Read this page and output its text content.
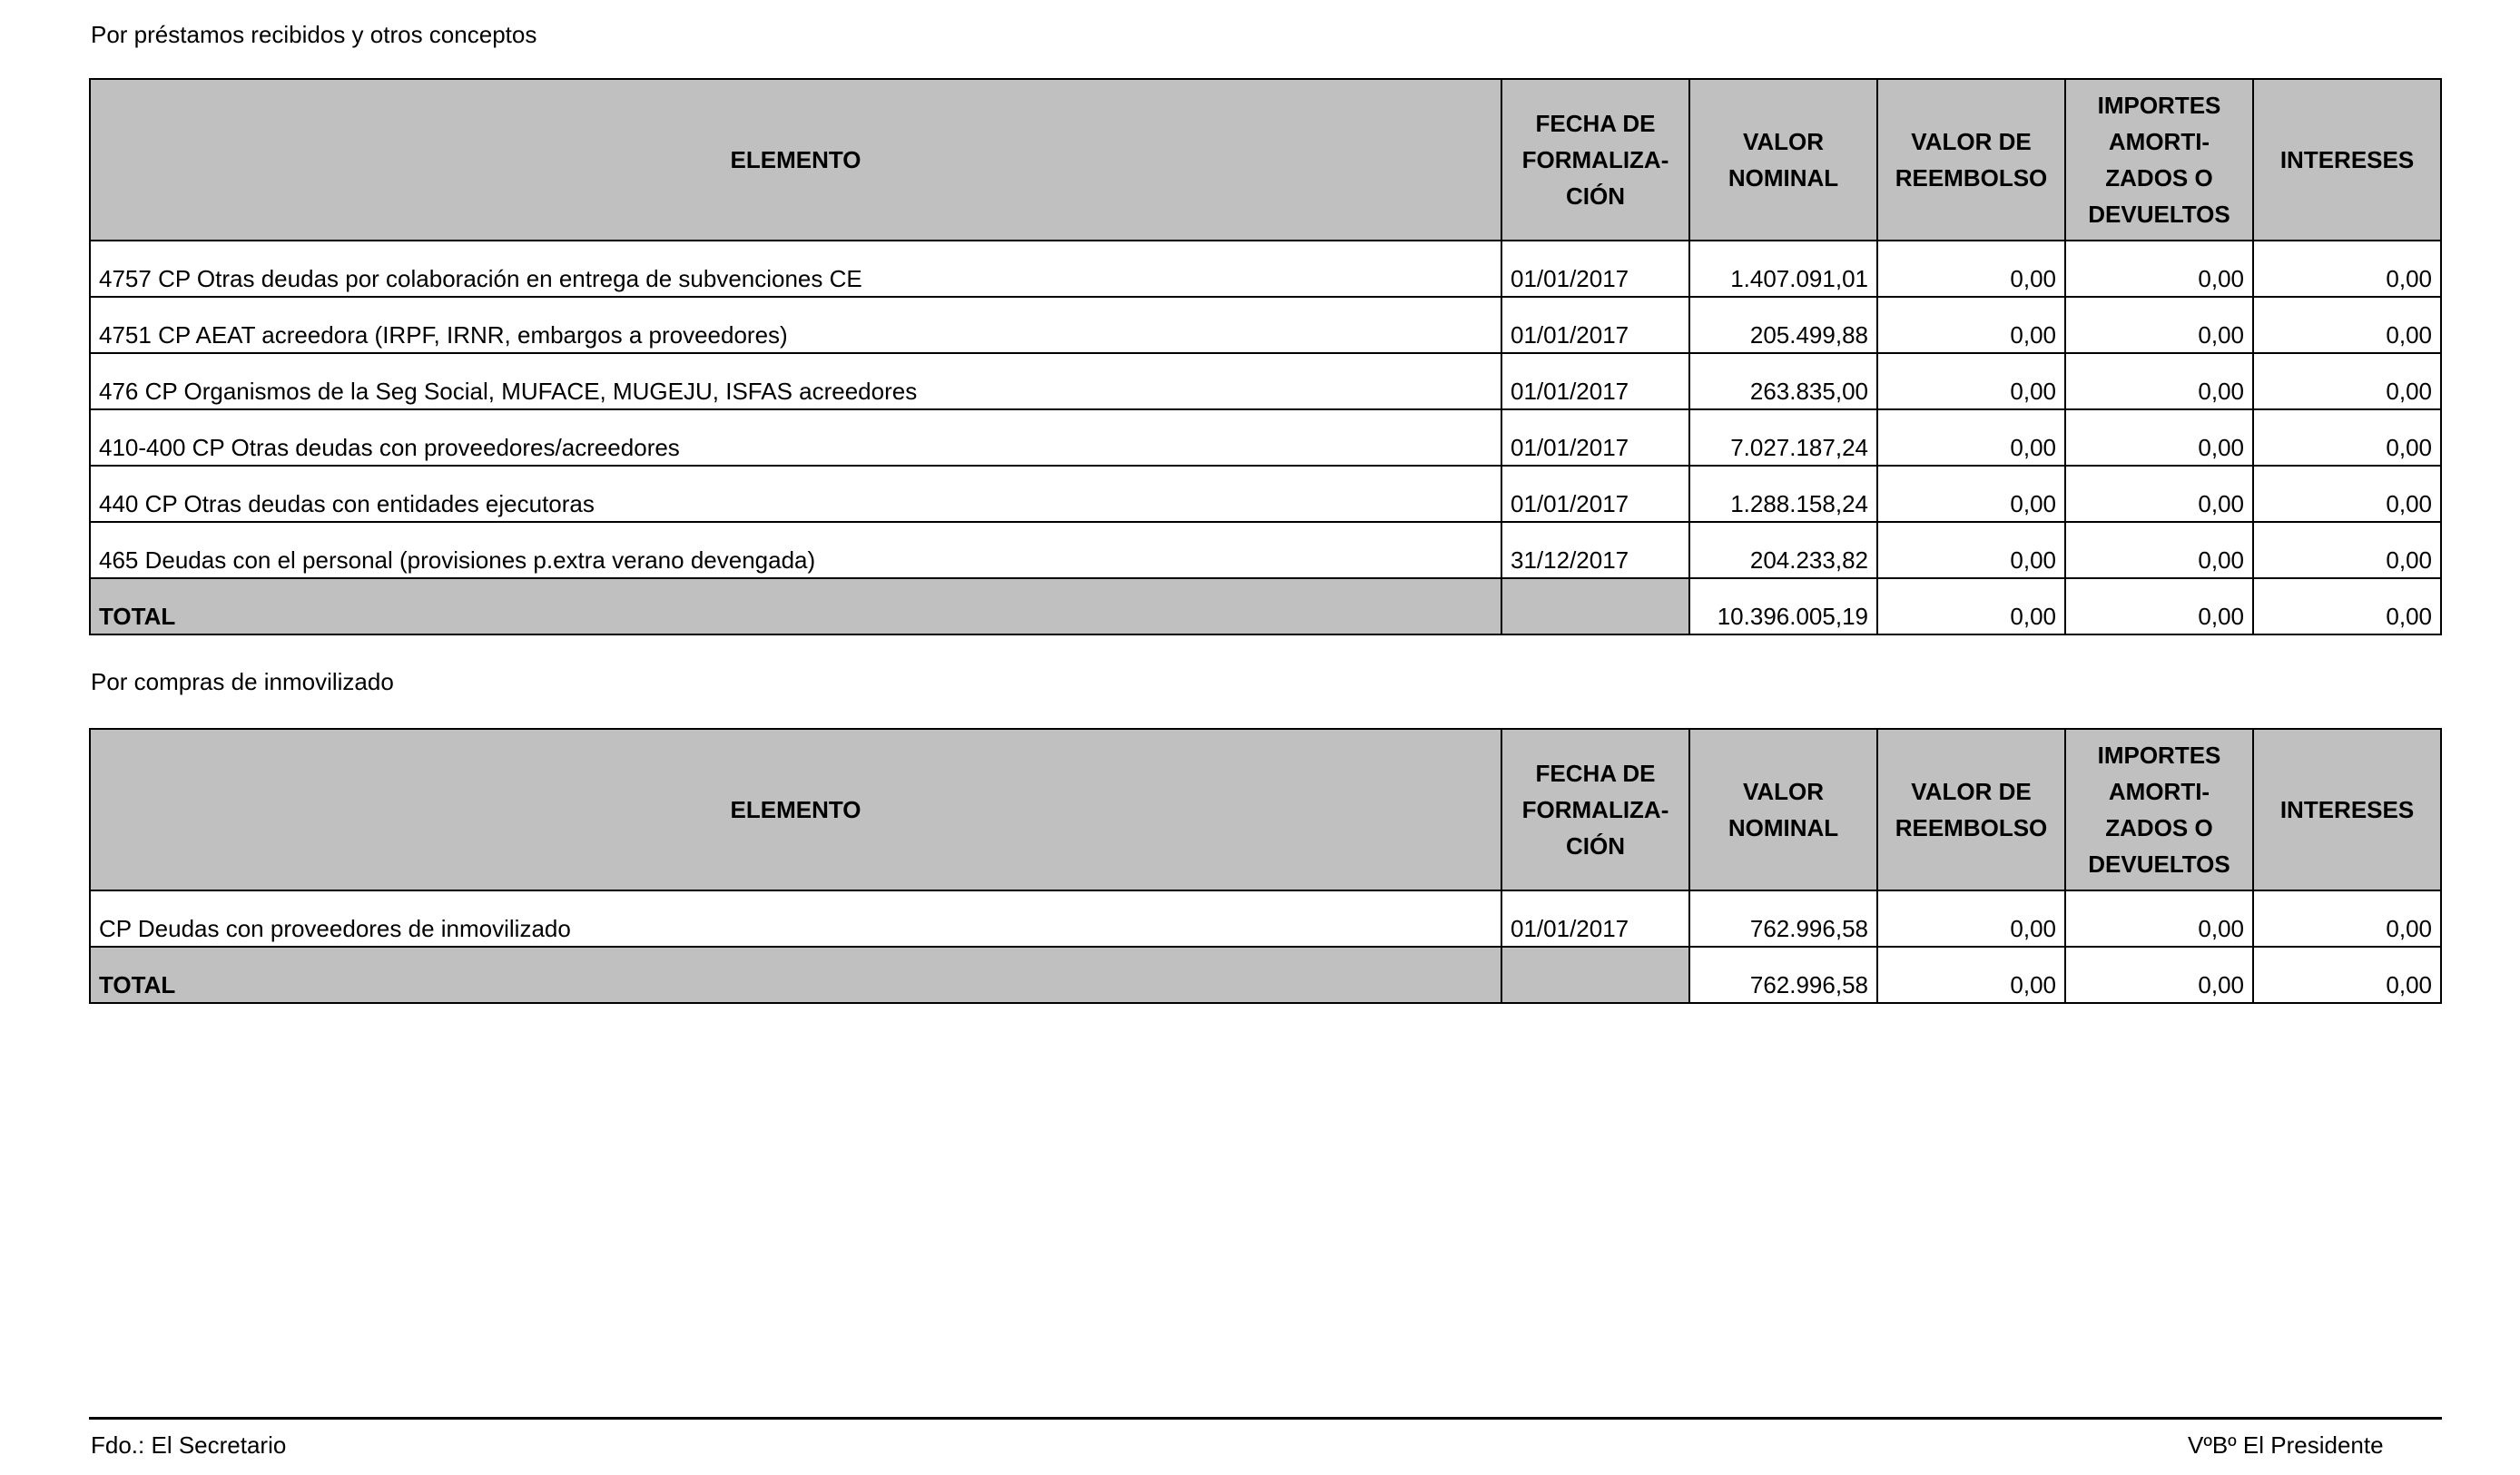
Por préstamos recibidos y otros conceptos
ELEMENTO	FECHA DE FORMALIZA-CIÓN	VALOR NOMINAL	VALOR DE REEMBOLSO	IMPORTES AMORTI-ZADOS O DEVUELTOS	INTERESES
4757 CP Otras deudas por colaboración en entrega de subvenciones CE	01/01/2017	1.407.091,01	0,00	0,00	0,00
4751 CP AEAT acreedora (IRPF, IRNR, embargos a proveedores)	01/01/2017	205.499,88	0,00	0,00	0,00
476 CP Organismos de la Seg Social, MUFACE, MUGEJU, ISFAS acreedores	01/01/2017	263.835,00	0,00	0,00	0,00
410-400 CP Otras deudas con proveedores/acreedores	01/01/2017	7.027.187,24	0,00	0,00	0,00
440 CP Otras deudas con entidades ejecutoras	01/01/2017	1.288.158,24	0,00	0,00	0,00
465 Deudas con el personal (provisiones p.extra verano devengada)	31/12/2017	204.233,82	0,00	0,00	0,00
TOTAL		10.396.005,19	0,00	0,00	0,00
Por compras de inmovilizado
ELEMENTO	FECHA DE FORMALIZA-CIÓN	VALOR NOMINAL	VALOR DE REEMBOLSO	IMPORTES AMORTI-ZADOS O DEVUELTOS	INTERESES
CP Deudas con proveedores de inmovilizado	01/01/2017	762.996,58	0,00	0,00	0,00
TOTAL		762.996,58	0,00	0,00	0,00
Fdo.: El Secretario	VºBº El Presidente
